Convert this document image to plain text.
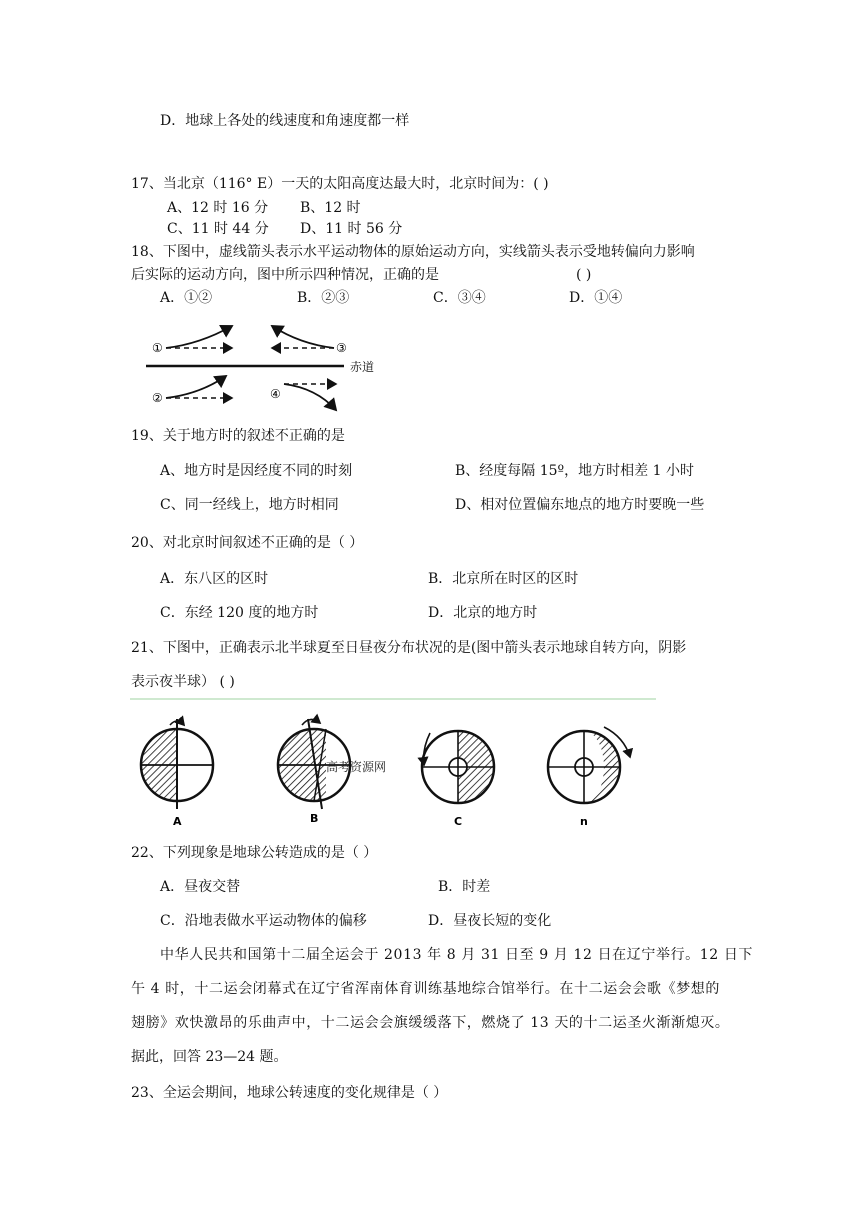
D．地球上各处的线速度和角速度都一样
17、当北京（116° E）一天的太阳高度达最大时，北京时间为：( )
A、12 时 16 分 B、12 时
C、11 时 44 分 D、11 时 56 分
18、下图中，虚线箭头表示水平运动物体的原始运动方向，实线箭头表示受地转偏向力影响
后实际的运动方向，图中所示四种情况，正确的是	( )
A．①②	B．②③	C．③④	D．①④
赤道
①	③
②	④
19、关于地方时的叙述不正确的是
A、地方时是因经度不同的时刻	B、经度每隔 15º，地方时相差 1 小时
C、同一经线上，地方时相同	D、相对位置偏东地点的地方时要晚一些
20、对北京时间叙述不正确的是（ ）
A．东八区的区时	B．北京所在时区的区时
C．东经 120 度的地方时	D．北京的地方时
21、下图中，正确表示北半球夏至日昼夜分布状况的是(图中箭头表示地球自转方向，阴影
表示夜半球） ( )
A	B
高考资源网
C	n
22、下列现象是地球公转造成的是（ ）
A．昼夜交替	B．时差
C．沿地表做水平运动物体的偏移	D．昼夜长短的变化
中华人民共和国第十二届全运会于 2013 年 8 月 31 日至 9 月 12 日在辽宁举行。12 日下
午 4 时，十二运会闭幕式在辽宁省浑南体育训练基地综合馆举行。在十二运会会歌《梦想的
翅膀》欢快激昂的乐曲声中，十二运会会旗缓缓落下，燃烧了 13 天的十二运圣火渐渐熄灭。
据此，回答 23—24 题。
23、全运会期间，地球公转速度的变化规律是（ ）
